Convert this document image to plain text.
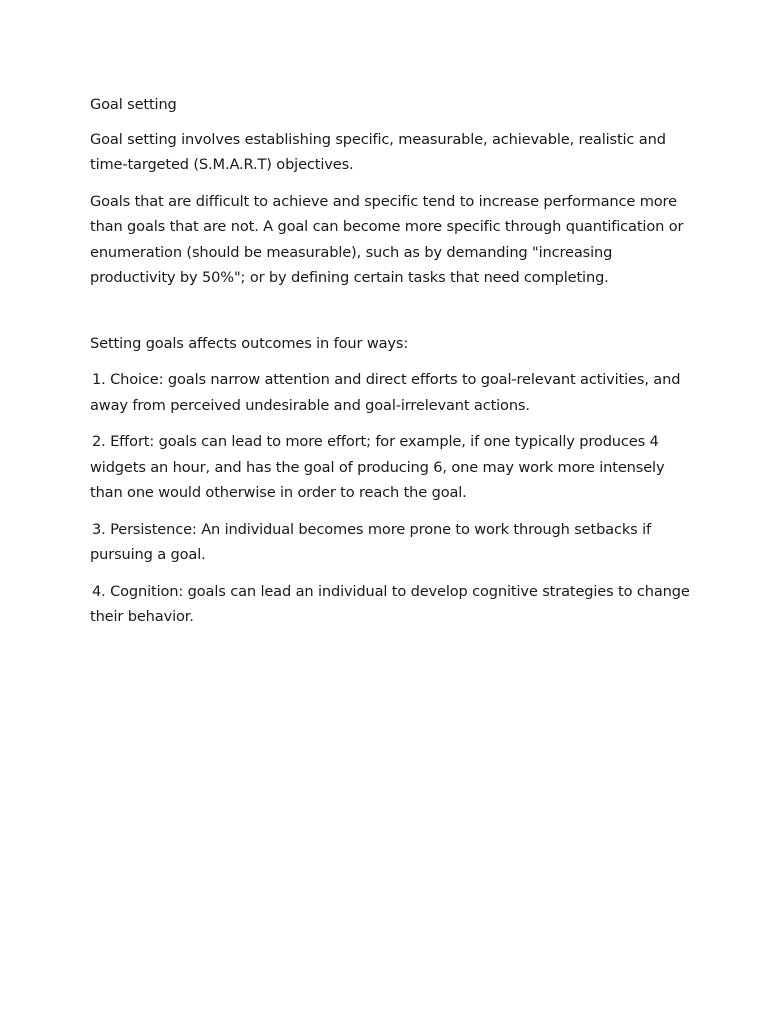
Goal setting

Goal setting involves establishing specific, measurable, achievable, realistic and time-targeted (S.M.A.R.T) objectives.

Goals that are difficult to achieve and specific tend to increase performance more than goals that are not. A goal can become more specific through quantification or enumeration (should be measurable), such as by demanding "increasing productivity by 50%"; or by defining certain tasks that need completing.

Setting goals affects outcomes in four ways:

1. Choice: goals narrow attention and direct efforts to goal-relevant activities, and away from perceived undesirable and goal-irrelevant actions.

2. Effort: goals can lead to more effort; for example, if one typically produces 4 widgets an hour, and has the goal of producing 6, one may work more intensely than one would otherwise in order to reach the goal.

3. Persistence: An individual becomes more prone to work through setbacks if pursuing a goal.

4. Cognition: goals can lead an individual to develop cognitive strategies to change their behavior.
